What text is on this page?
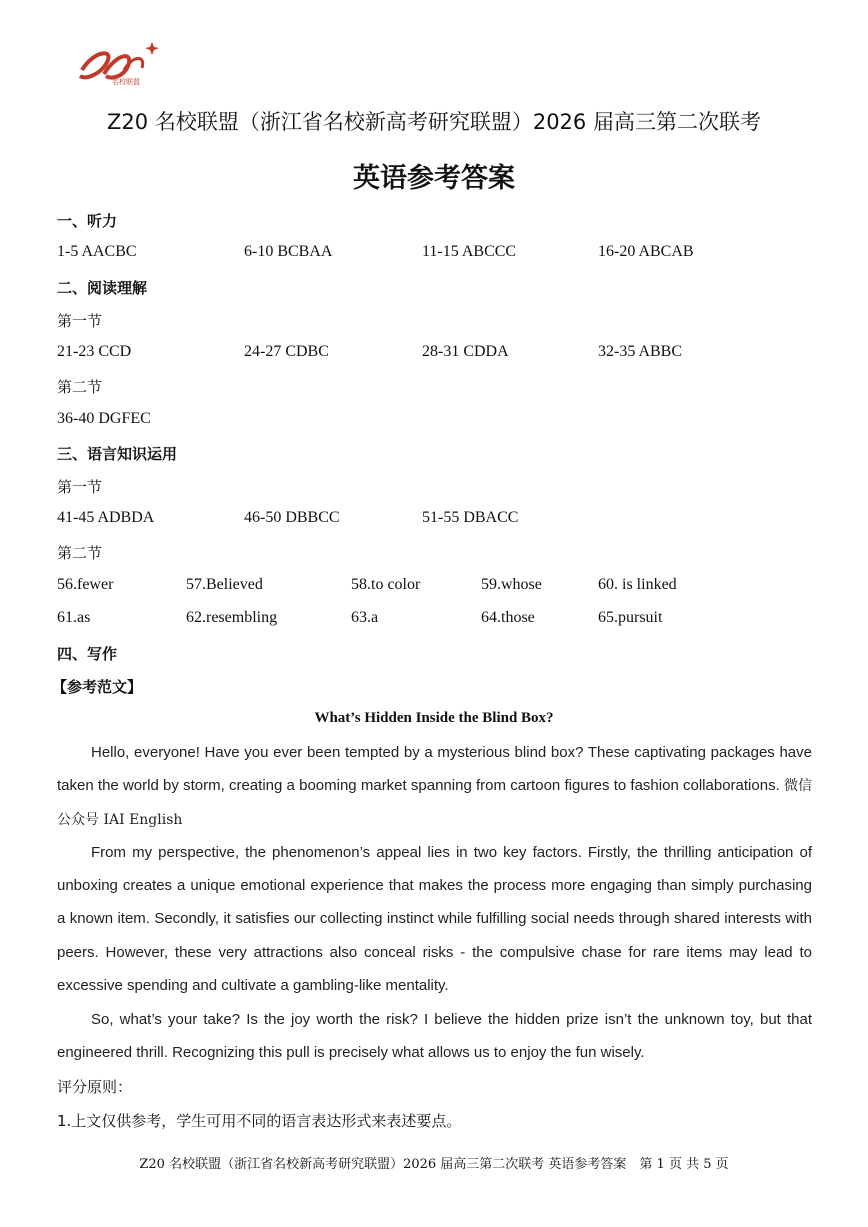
名校联盟
Z20 名校联盟（浙江省名校新高考研究联盟）2026 届高三第二次联考
英语参考答案
一、听力
1-5 AACBC	6-10 BCBAA	11-15 ABCCC	16-20 ABCAB
二、阅读理解
第一节
21-23 CCD	24-27 CDBC	28-31 CDDA	32-35 ABBC
第二节
36-40 DGFEC
三、语言知识运用
第一节
41-45 ADBDA	46-50 DBBCC	51-55 DBACC
第二节
56.fewer	57.Believed	58.to color	59.whose	60. is linked
61.as	62.resembling	63.a	64.those	65.pursuit
四、写作
【参考范文】
What’s Hidden Inside the Blind Box?
Hello, everyone! Have you ever been tempted by a mysterious blind box? These captivating packages have taken the world by storm, creating a booming market spanning from cartoon figures to fashion collaborations. 微信公众号 IAI English
From my perspective, the phenomenon’s appeal lies in two key factors. Firstly, the thrilling anticipation of unboxing creates a unique emotional experience that makes the process more engaging than simply purchasing a known item. Secondly, it satisfies our collecting instinct while fulfilling social needs through shared interests with peers. However, these very attractions also conceal risks - the compulsive chase for rare items may lead to excessive spending and cultivate a gambling-like mentality.
So, what’s your take? Is the joy worth the risk? I believe the hidden prize isn’t the unknown toy, but that engineered thrill. Recognizing this pull is precisely what allows us to enjoy the fun wisely.
评分原则：
1.上文仅供参考，学生可用不同的语言表达形式来表述要点。
Z20 名校联盟（浙江省名校新高考研究联盟）2026 届高三第二次联考 英语参考答案　第 1 页 共 5 页
